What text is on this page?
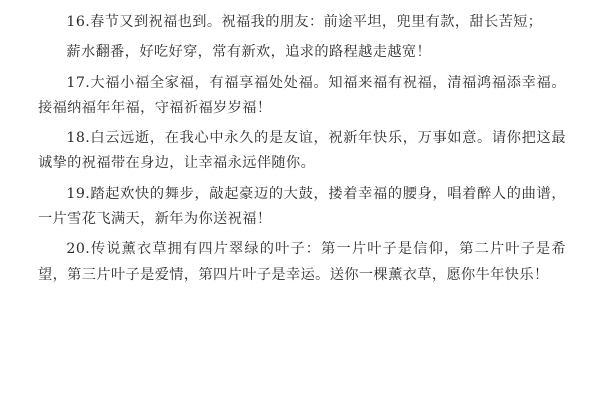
16.春节又到祝福也到。祝福我的朋友：前途平坦，兜里有款，甜长苦短；

薪水翻番，好吃好穿，常有新欢，追求的路程越走越宽！

17.大福小福全家福，有福享福处处福。知福来福有祝福，清福鸿福添幸福。接福纳福年年福，守福祈福岁岁福！

18.白云远逝，在我心中永久的是友谊，祝新年快乐，万事如意。请你把这最诚挚的祝福带在身边，让幸福永远伴随你。

19.踏起欢快的舞步，敲起豪迈的大鼓，搂着幸福的腰身，唱着醉人的曲谱，一片雪花飞满天，新年为你送祝福！

20.传说薰衣草拥有四片翠绿的叶子：第一片叶子是信仰，第二片叶子是希望，第三片叶子是爱情，第四片叶子是幸运。送你一棵薰衣草，愿你牛年快乐！
